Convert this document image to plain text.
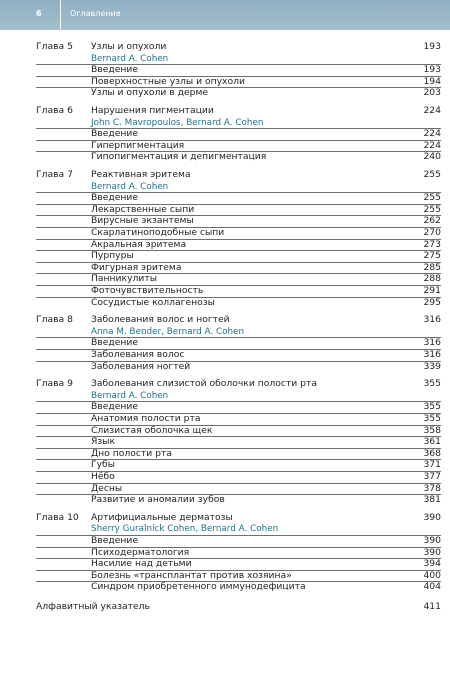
6	Оглавление
Глава 5 Узлы и опухоли	193
Bernard A. Cohen
Введение	193
Поверхностные узлы и опухоли	194
Узлы и опухоли в дерме	203
Глава 6 Нарушения пигментации	224
John C. Mavropoulos, Bernard A. Cohen
Введение	224
Гиперпигментация	224
Гипопигментация и депигментация	240
Глава 7 Реактивная эритема	255
Bernard A. Cohen
Введение	255
Лекарственные сыпи	255
Вирусные экзантемы	262
Скарлатиноподобные сыпи	270
Акральная эритема	273
Пурпуры	275
Фигурная эритема	285
Панникулиты	288
Фоточувствительность	291
Сосудистые коллагенозы	295
Глава 8 Заболевания волос и ногтей	316
Anna M. Bender, Bernard A. Cohen
Введение	316
Заболевания волос	316
Заболевания ногтей	339
Глава 9 Заболевания слизистой оболочки полости рта	355
Bernard A. Cohen
Введение	355
Анатомия полости рта	355
Слизистая оболочка щек	358
Язык	361
Дно полости рта	368
Губы	371
Нёбо	377
Десны	378
Развитие и аномалии зубов	381
Глава 10 Артифициальные дерматозы	390
Sherry Guralnick Cohen, Bernard A. Cohen
Введение	390
Психодерматология	390
Насилие над детьми	394
Болезнь «трансплантат против хозяина»	400
Синдром приобретенного иммунодефицита	404
Алфавитный указатель	411
